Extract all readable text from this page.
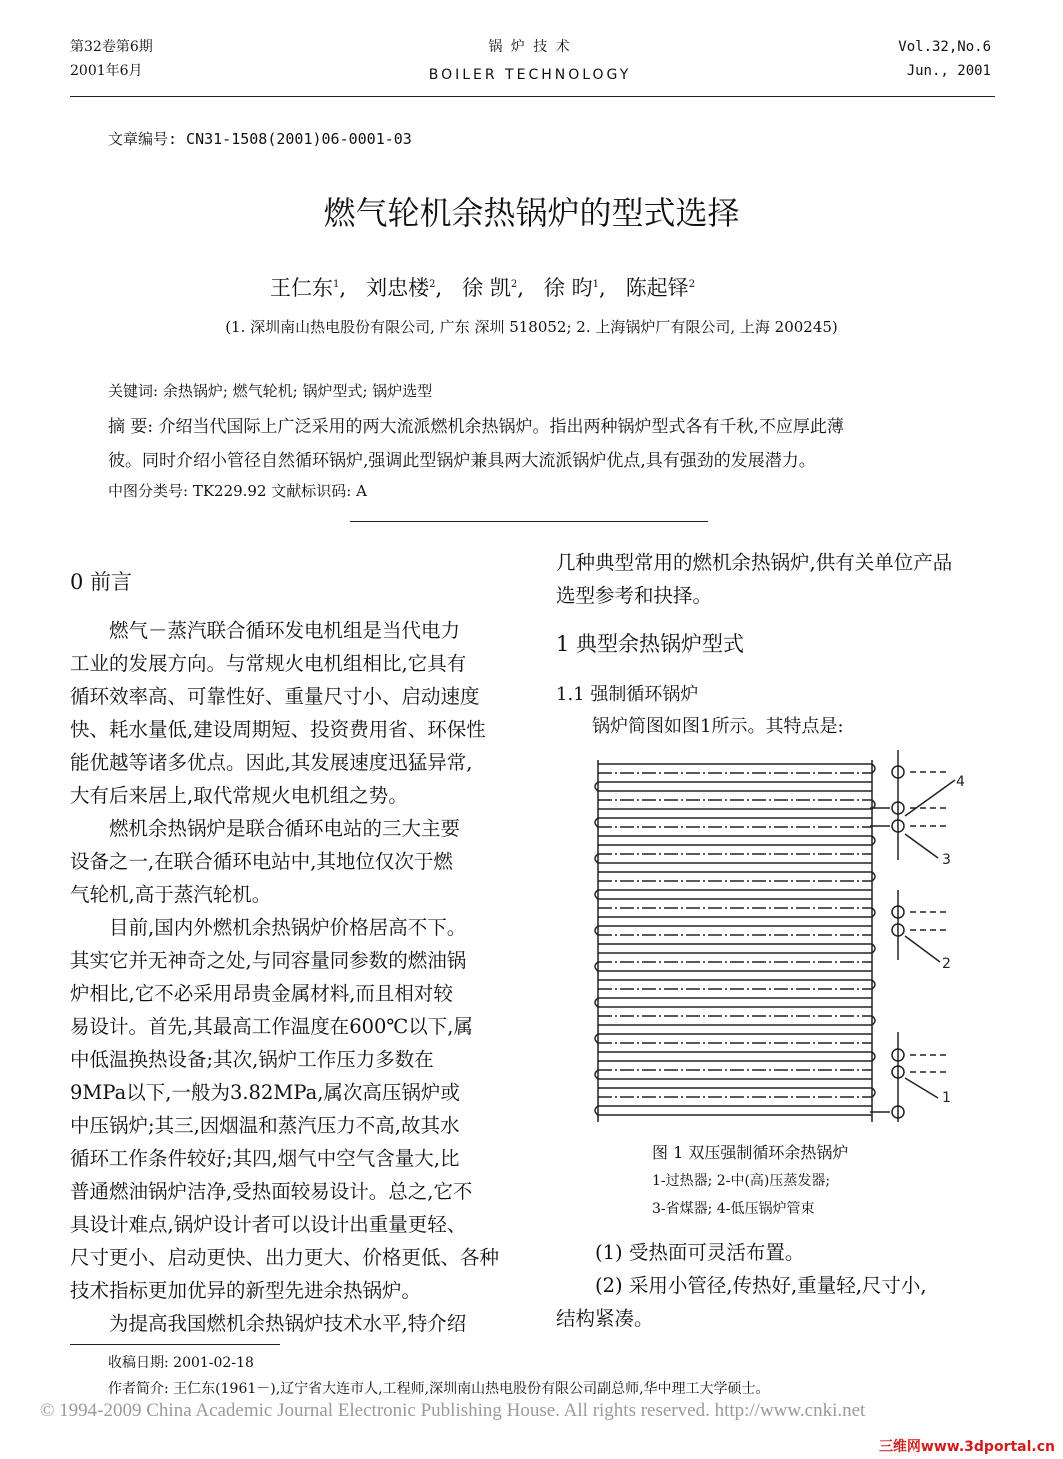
第32卷第6期
2001年6月
锅 炉 技 术
BOILER TECHNOLOGY
Vol.32,No.6
Jun., 2001
文章编号: CN31-1508(2001)06-0001-03
燃气轮机余热锅炉的型式选择
王仁东$^1$,   刘忠楼$^2$,   徐 凯$^2$,   徐 昀$^1$,   陈起铎$^2$
(1. 深圳南山热电股份有限公司, 广东 深圳 518052; 2. 上海锅炉厂有限公司, 上海 200245)
关键词: 余热锅炉; 燃气轮机; 锅炉型式; 锅炉选型
摘 要: 介绍当代国际上广泛采用的两大流派燃机余热锅炉。指出两种锅炉型式各有千秋,不应厚此薄
彼。同时介绍小管径自然循环锅炉,强调此型锅炉兼具两大流派锅炉优点,具有强劲的发展潜力。
中图分类号: TK229.92 文献标识码: A
0 前言

　　燃气－蒸汽联合循环发电机组是当代电力

工业的发展方向。与常规火电机组相比,它具有

循环效率高、可靠性好、重量尺寸小、启动速度

快、耗水量低,建设周期短、投资费用省、环保性

能优越等诸多优点。因此,其发展速度迅猛异常,

大有后来居上,取代常规火电机组之势。

　　燃机余热锅炉是联合循环电站的三大主要

设备之一,在联合循环电站中,其地位仅次于燃

气轮机,高于蒸汽轮机。

　　目前,国内外燃机余热锅炉价格居高不下。

其实它并无神奇之处,与同容量同参数的燃油锅

炉相比,它不必采用昂贵金属材料,而且相对较

易设计。首先,其最高工作温度在600℃以下,属

中低温换热设备;其次,锅炉工作压力多数在

9MPa以下,一般为3.82MPa,属次高压锅炉或

中压锅炉;其三,因烟温和蒸汽压力不高,故其水

循环工作条件较好;其四,烟气中空气含量大,比

普通燃油锅炉洁净,受热面较易设计。总之,它不

具设计难点,锅炉设计者可以设计出重量更轻、

尺寸更小、启动更快、出力更大、价格更低、各种

技术指标更加优异的新型先进余热锅炉。

　　为提高我国燃机余热锅炉技术水平,特介绍

几种典型常用的燃机余热锅炉,供有关单位产品

选型参考和抉择。

1 典型余热锅炉型式
1.1 强制循环锅炉
　　锅炉简图如图1所示。其特点是:
4
3
2
1
图 1 双压强制循环余热锅炉
1-过热器; 2-中(高)压蒸发器;
3-省煤器; 4-低压锅炉管束

　　(1) 受热面可灵活布置。

　　(2) 采用小管径,传热好,重量轻,尺寸小,

结构紧凑。

收稿日期: 2001-02-18
作者简介: 王仁东(1961－),辽宁省大连市人,工程师,深圳南山热电股份有限公司副总师,华中理工大学硕士。
© 1994-2009 China Academic Journal Electronic Publishing House. All rights reserved. http://www.cnki.net
三维网www.3dportal.cn
